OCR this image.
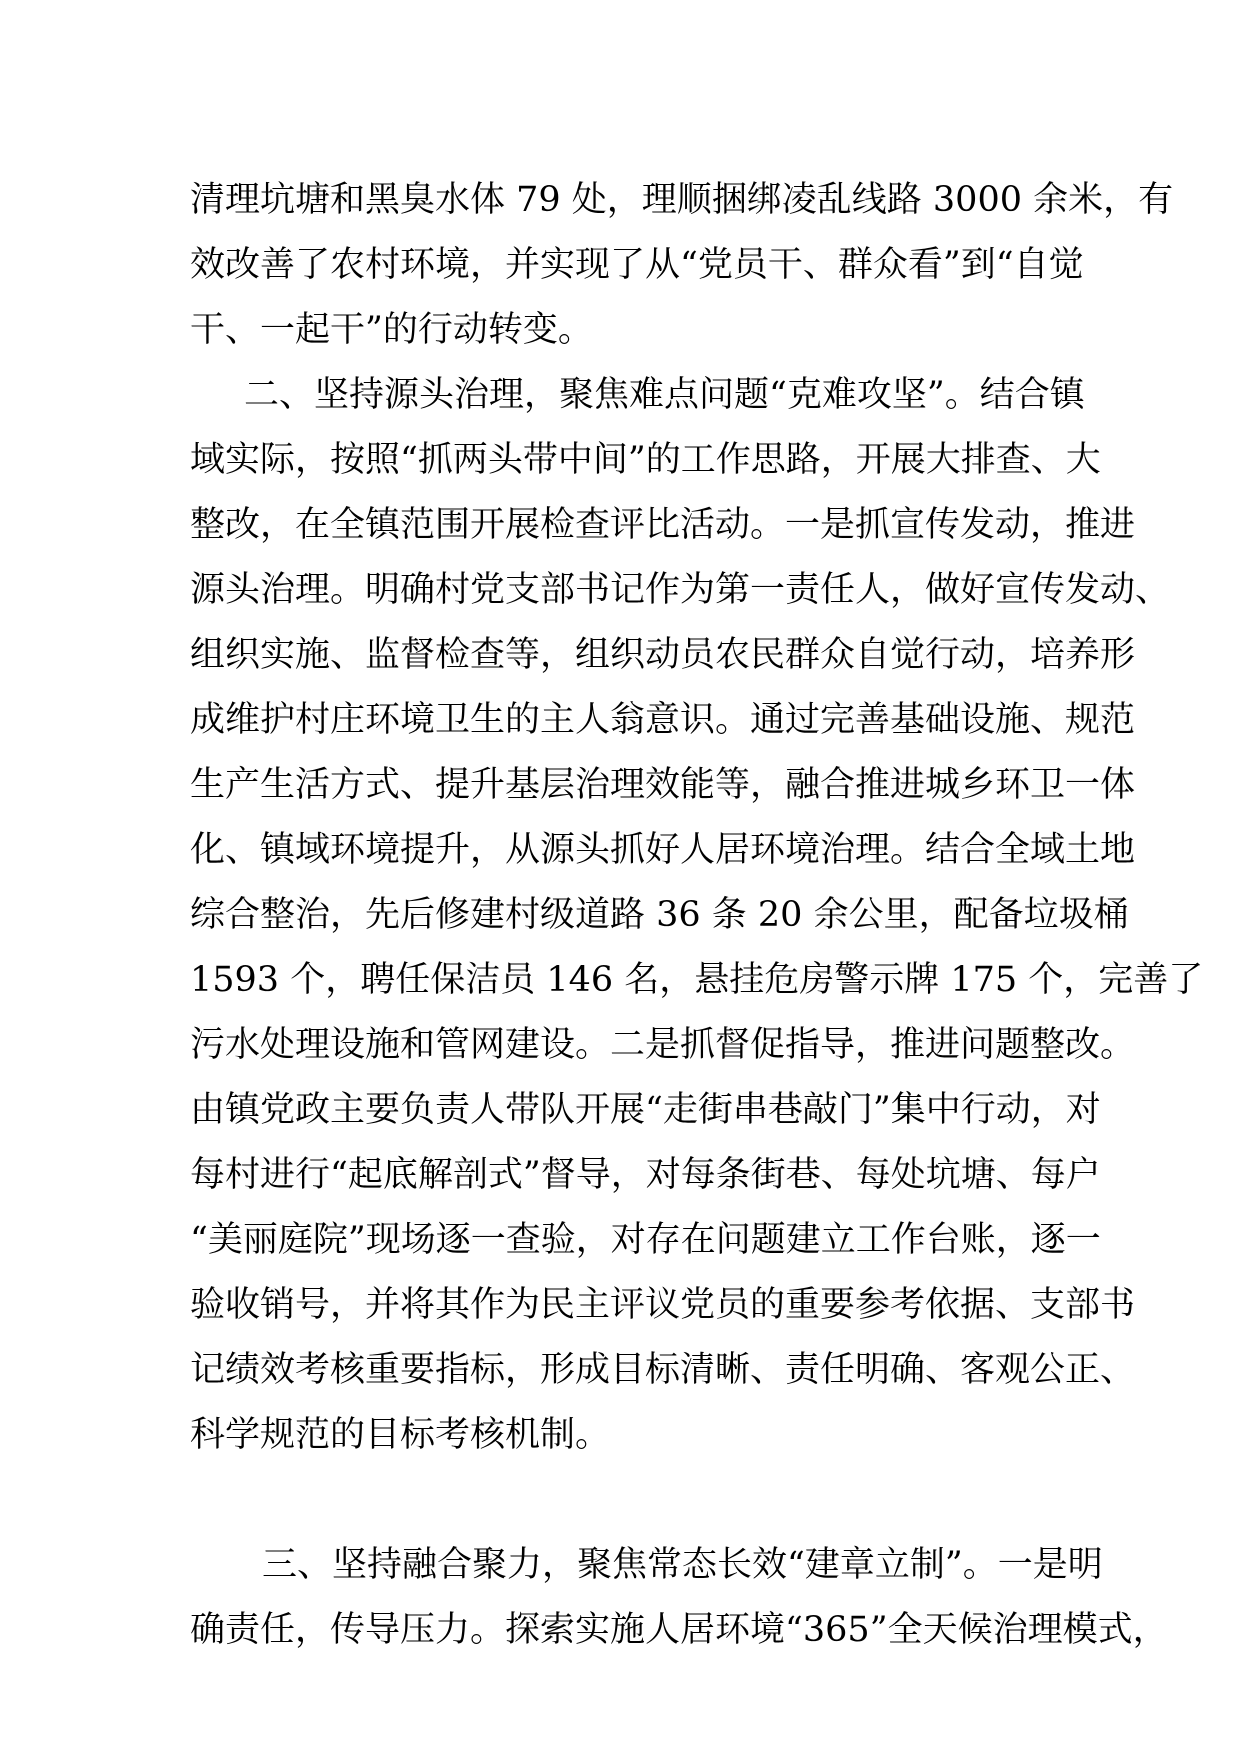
清理坑塘和黑臭水体 79 处，理顺捆绑凌乱线路 3000 余米，有
效改善了农村环境，并实现了从“党员干、群众看”到“自觉
干、一起干”的行动转变。
二、坚持源头治理，聚焦难点问题“克难攻坚”。结合镇
域实际，按照“抓两头带中间”的工作思路，开展大排查、大
整改，在全镇范围开展检查评比活动。一是抓宣传发动，推进
源头治理。明确村党支部书记作为第一责任人，做好宣传发动、
组织实施、监督检查等，组织动员农民群众自觉行动，培养形
成维护村庄环境卫生的主人翁意识。通过完善基础设施、规范
生产生活方式、提升基层治理效能等，融合推进城乡环卫一体
化、镇域环境提升，从源头抓好人居环境治理。结合全域土地
综合整治，先后修建村级道路 36 条 20 余公里，配备垃圾桶
1593 个，聘任保洁员 146 名，悬挂危房警示牌 175 个，完善了
污水处理设施和管网建设。二是抓督促指导，推进问题整改。
由镇党政主要负责人带队开展“走街串巷敲门”集中行动，对
每村进行“起底解剖式”督导，对每条街巷、每处坑塘、每户
“美丽庭院”现场逐一查验，对存在问题建立工作台账，逐一
验收销号，并将其作为民主评议党员的重要参考依据、支部书
记绩效考核重要指标，形成目标清晰、责任明确、客观公正、
科学规范的目标考核机制。
三、坚持融合聚力，聚焦常态长效“建章立制”。一是明
确责任，传导压力。探索实施人居环境“365”全天候治理模式，
